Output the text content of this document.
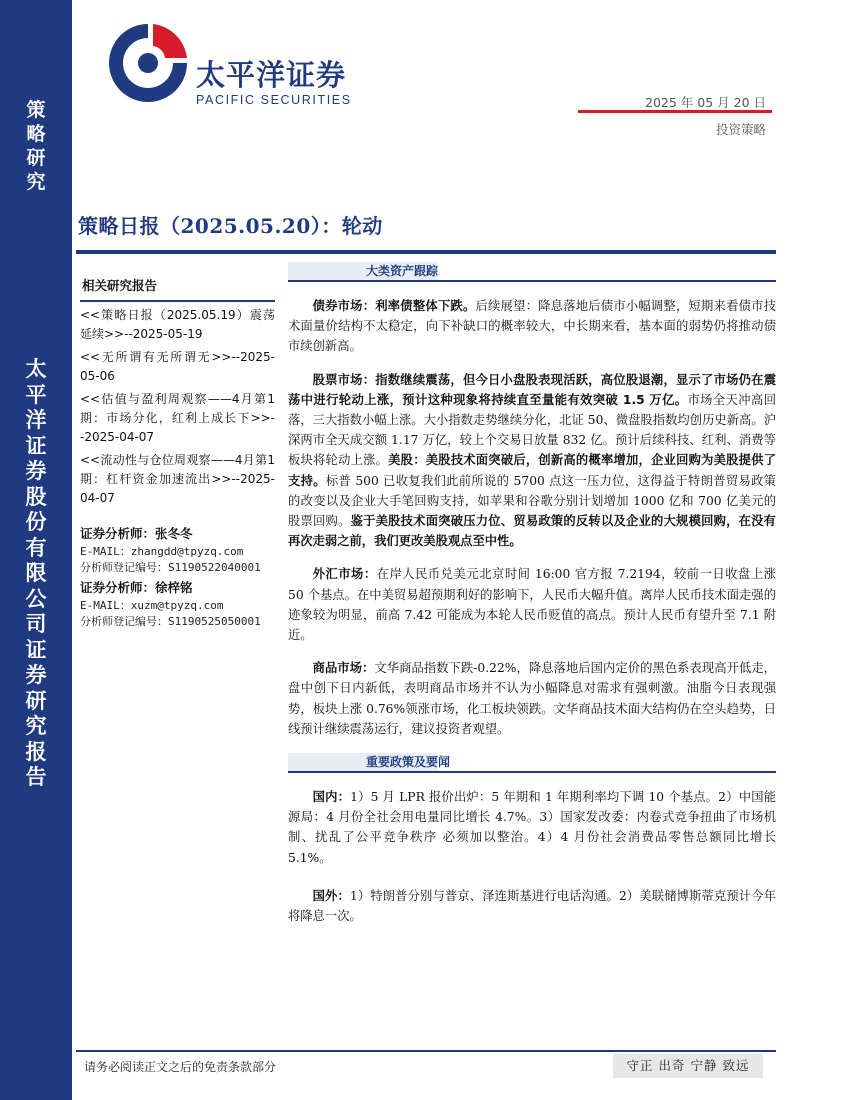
策
略
研
究
太
平
洋
证
券
股
份
有
限
公
司
证
券
研
究
报
告
太平洋证券
PACIFIC SECURITIES	2025 年 05 月 20 日
投资策略
策略日报（2025.05.20）：轮动
相关研究报告
<<策略日报（2025.05.19）震荡延续>>--2025-05-19
<<无所谓有无所谓无>>--2025-05-06
<<估值与盈利周观察——4月第1期：市场分化，红利上成长下>>--2025-04-07
<<流动性与仓位周观察——4月第1期：杠杆资金加速流出>>--2025-04-07
证券分析师：张冬冬
E-MAIL：zhangdd@tpyzq.com
分析师登记编号：S1190522040001
证券分析师：徐梓铭
E-MAIL：xuzm@tpyzq.com
分析师登记编号：S1190525050001
大类资产跟踪

债券市场：利率债整体下跌。后续展望：降息落地后债市小幅调整，短期来看债市技术面量价结构不太稳定，向下补缺口的概率较大，中长期来看，基本面的弱势仍将推动债市续创新高。

股票市场：指数继续震荡，但今日小盘股表现活跃，高位股退潮，显示了市场仍在震荡中进行轮动上涨，预计这种现象将持续直至量能有效突破 1.5 万亿。市场全天冲高回落，三大指数小幅上涨。大小指数走势继续分化，北证 50、微盘股指数均创历史新高。沪深两市全天成交额 1.17 万亿，较上个交易日放量 832 亿。预计后续科技、红利、消费等板块将轮动上涨。美股：美股技术面突破后，创新高的概率增加，企业回购为美股提供了支持。标普 500 已收复我们此前所说的 5700 点这一压力位，这得益于特朗普贸易政策的改变以及企业大手笔回购支持，如苹果和谷歌分别计划增加 1000 亿和 700 亿美元的股票回购。鉴于美股技术面突破压力位、贸易政策的反转以及企业的大规模回购，在没有再次走弱之前，我们更改美股观点至中性。

外汇市场：在岸人民币兑美元北京时间 16:00 官方报 7.2194，较前一日收盘上涨 50 个基点。在中美贸易超预期利好的影响下，人民币大幅升值。离岸人民币技术面走强的迹象较为明显，前高 7.42 可能成为本轮人民币贬值的高点。预计人民币有望升至 7.1 附近。

商品市场：文华商品指数下跌-0.22%，降息落地后国内定价的黑色系表现高开低走，盘中创下日内新低，表明商品市场并不认为小幅降息对需求有强刺激。油脂今日表现强势，板块上涨 0.76%领涨市场，化工板块领跌。文华商品技术面大结构仍在空头趋势，日线预计继续震荡运行，建议投资者观望。

重要政策及要闻

国内：1）5 月 LPR 报价出炉：5 年期和 1 年期利率均下调 10 个基点。2）中国能源局：4 月份全社会用电量同比增长 4.7%。3）国家发改委：内卷式竞争扭曲了市场机制、扰乱了公平竞争秩序 必须加以整治。4）4 月份社会消费品零售总额同比增长 5.1%。

国外：1）特朗普分别与普京、泽连斯基进行电话沟通。2）美联储博斯蒂克预计今年将降息一次。

请务必阅读正文之后的免责条款部分	守正 出奇 宁静 致远
